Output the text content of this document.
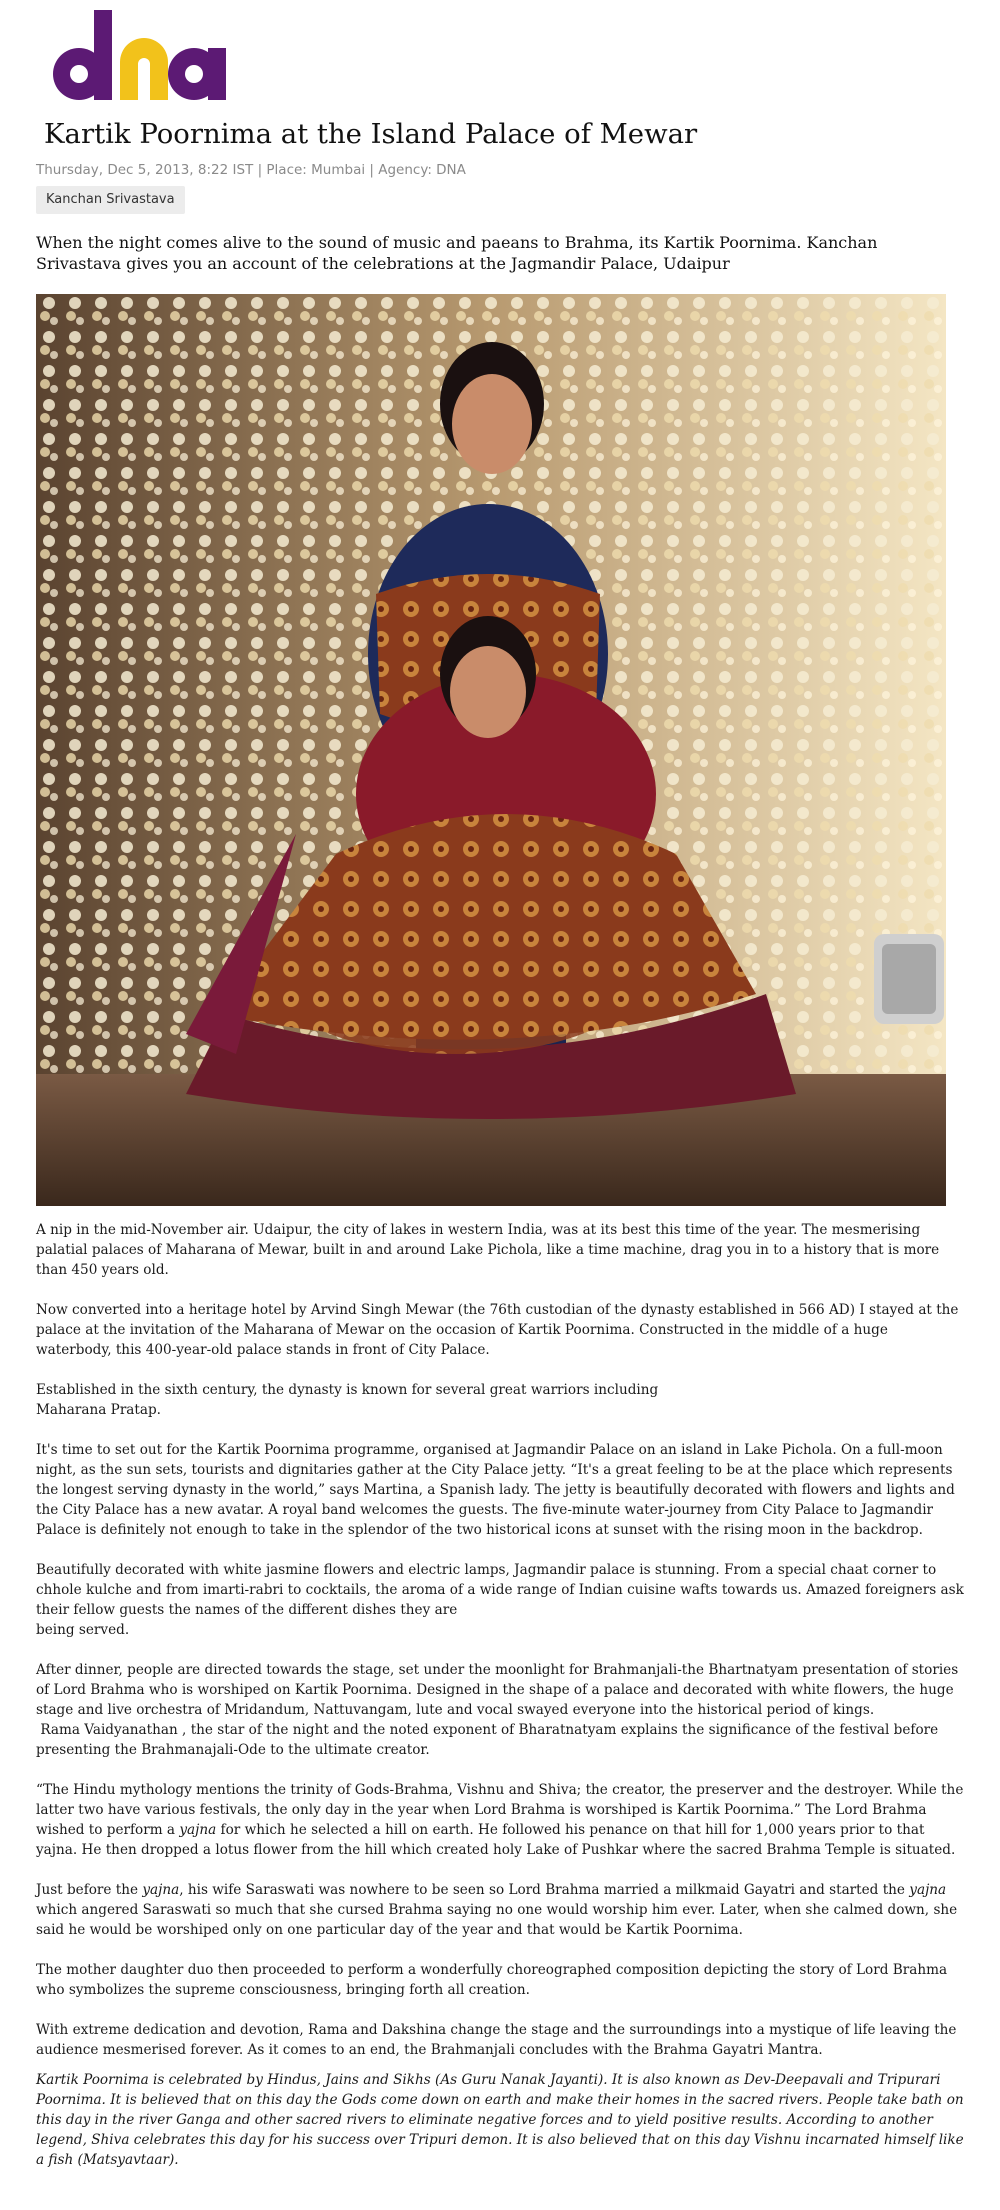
Kartik Poornima at the Island Palace of Mewar
Thursday, Dec 5, 2013, 8:22 IST | Place: Mumbai | Agency: DNA
Kanchan Srivastava

When the night comes alive to the sound of music and paeans to Brahma, its Kartik Poornima. Kanchan Srivastava gives you an account of the celebrations at the Jagmandir Palace, Udaipur

A nip in the mid-November air. Udaipur, the city of lakes in western India, was at its best this time of the year. The mesmerising palatial palaces of Maharana of Mewar, built in and around Lake Pichola, like a time machine, drag you in to a history that is more than 450 years old.

Now converted into a heritage hotel by Arvind Singh Mewar (the 76th custodian of the dynasty established in 566 AD) I stayed at the palace at the invitation of the Maharana of Mewar on the occasion of Kartik Poornima. Constructed in the middle of a huge waterbody, this 400-year-old palace stands in front of City Palace.

Established in the sixth century, the dynasty is known for several great warriors including
Maharana Pratap.

It's time to set out for the Kartik Poornima programme, organised at Jagmandir Palace on an island in Lake Pichola. On a full-moon night, as the sun sets, tourists and dignitaries gather at the City Palace jetty. “It's a great feeling to be at the place which represents the longest serving dynasty in the world,” says Martina, a Spanish lady. The jetty is beautifully decorated with flowers and lights and the City Palace has a new avatar. A royal band welcomes the guests. The five-minute water-journey from City Palace to Jagmandir Palace is definitely not enough to take in the splendor of the two historical icons at sunset with the rising moon in the backdrop.

Beautifully decorated with white jasmine flowers and electric lamps, Jagmandir palace is stunning. From a special chaat corner to chhole kulche and from imarti-rabri to cocktails, the aroma of a wide range of Indian cuisine wafts towards us. Amazed foreigners ask their fellow guests the names of the different dishes they are
being served.

After dinner, people are directed towards the stage, set under the moonlight for Brahmanjali-the Bhartnatyam presentation of stories of Lord Brahma who is worshiped on Kartik Poornima. Designed in the shape of a palace and decorated with white flowers, the huge stage and live orchestra of Mridandum, Nattuvangam, lute and vocal swayed everyone into the historical period of kings.
Rama Vaidyanathan , the star of the night and the noted exponent of Bharatnatyam explains the significance of the festival before presenting the Brahmanajali-Ode to the ultimate creator.

“The Hindu mythology mentions the trinity of Gods-Brahma, Vishnu and Shiva; the creator, the preserver and the destroyer. While the latter two have various festivals, the only day in the year when Lord Brahma is worshiped is Kartik Poornima.” The Lord Brahma wished to perform a yajna for which he selected a hill on earth. He followed his penance on that hill for 1,000 years prior to that yajna. He then dropped a lotus flower from the hill which created holy Lake of Pushkar where the sacred Brahma Temple is situated.

Just before the yajna, his wife Saraswati was nowhere to be seen so Lord Brahma married a milkmaid Gayatri and started the yajna which angered Saraswati so much that she cursed Brahma saying no one would worship him ever. Later, when she calmed down, she said he would be worshiped only on one particular day of the year and that would be Kartik Poornima.

The mother daughter duo then proceeded to perform a wonderfully choreographed composition depicting the story of Lord Brahma who symbolizes the supreme consciousness, bringing forth all creation.

With extreme dedication and devotion, Rama and Dakshina change the stage and the surroundings into a mystique of life leaving the audience mesmerised forever. As it comes to an end, the Brahmanjali concludes with the Brahma Gayatri Mantra.

Kartik Poornima is celebrated by Hindus, Jains and Sikhs (As Guru Nanak Jayanti). It is also known as Dev-Deepavali and Tripurari Poornima. It is believed that on this day the Gods come down on earth and make their homes in the sacred rivers. People take bath on this day in the river Ganga and other sacred rivers to eliminate negative forces and to yield positive results. According to another legend, Shiva celebrates this day for his success over Tripuri demon. It is also believed that on this day Vishnu incarnated himself like a fish (Matsyavtaar).
